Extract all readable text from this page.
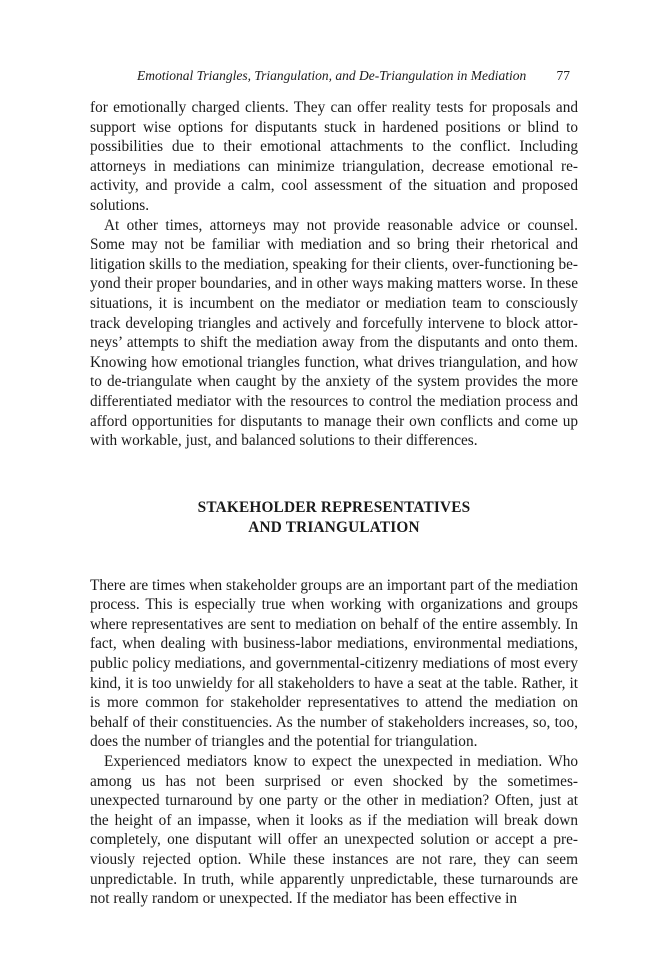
Emotional Triangles, Triangulation, and De-Triangulation in Mediation 77

for emotionally charged clients. They can offer reality tests for proposals and support wise options for disputants stuck in hardened positions or blind to possibilities due to their emotional attachments to the conflict. Including attorneys in mediations can minimize triangulation, decrease emotional reactivity, and provide a calm, cool assessment of the situation and proposed solutions.

At other times, attorneys may not provide reasonable advice or counsel. Some may not be familiar with mediation and so bring their rhetorical and litigation skills to the mediation, speaking for their clients, over-functioning beyond their proper boundaries, and in other ways making matters worse. In these situations, it is incumbent on the mediator or mediation team to consciously track developing triangles and actively and forcefully intervene to block attorneys’ attempts to shift the mediation away from the disputants and onto them. Knowing how emotional triangles function, what drives triangulation, and how to de-triangulate when caught by the anxiety of the system provides the more differentiated mediator with the resources to control the mediation process and afford opportunities for disputants to manage their own conflicts and come up with workable, just, and balanced solutions to their differences.

STAKEHOLDER REPRESENTATIVES
AND TRIANGULATION

There are times when stakeholder groups are an important part of the mediation process. This is especially true when working with organizations and groups where representatives are sent to mediation on behalf of the entire assembly. In fact, when dealing with business-labor mediations, environmental mediations, public policy mediations, and governmental-citizenry mediations of most every kind, it is too unwieldy for all stakeholders to have a seat at the table. Rather, it is more common for stakeholder representatives to attend the mediation on behalf of their constituencies. As the number of stakeholders increases, so, too, does the number of triangles and the potential for triangulation.

Experienced mediators know to expect the unexpected in mediation. Who among us has not been surprised or even shocked by the sometimes-unexpected turnaround by one party or the other in mediation? Often, just at the height of an impasse, when it looks as if the mediation will break down completely, one disputant will offer an unexpected solution or accept a previously rejected option. While these instances are not rare, they can seem unpredictable. In truth, while apparently unpredictable, these turnarounds are not really random or unexpected. If the mediator has been effective in
